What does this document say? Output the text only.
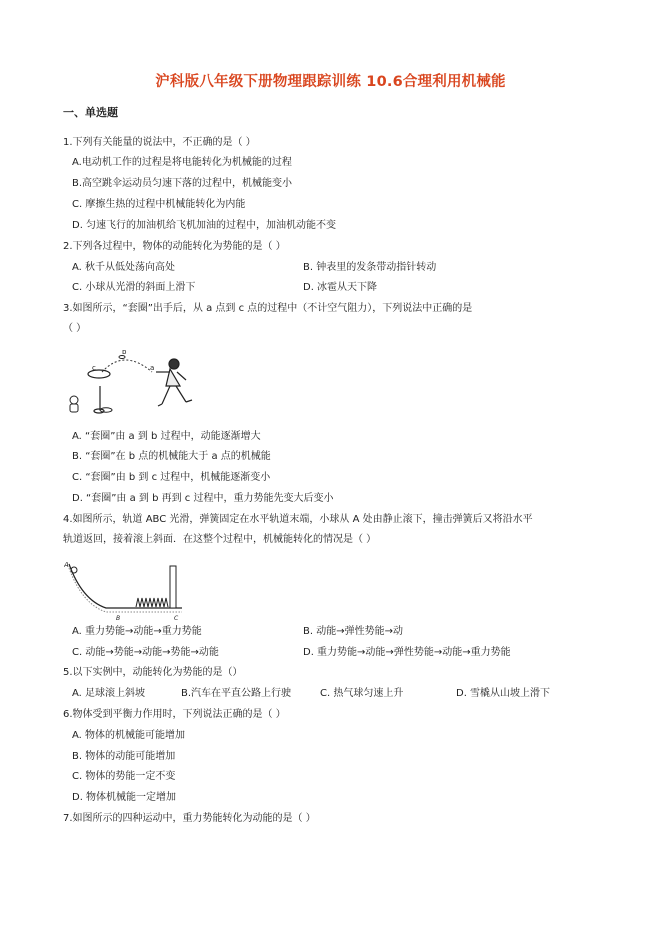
沪科版八年级下册物理跟踪训练 10.6合理利用机械能
一、单选题
1.下列有关能量的说法中，不正确的是（ ）
A.电动机工作的过程是将电能转化为机械能的过程
B.高空跳伞运动员匀速下落的过程中，机械能变小
C. 摩擦生热的过程中机械能转化为内能
D. 匀速飞行的加油机给飞机加油的过程中，加油机动能不变
2.下列各过程中，物体的动能转化为势能的是（ ）
A. 秋千从低处荡向高处	B. 钟表里的发条带动指针转动
C. 小球从光滑的斜面上滑下	D. 冰雹从天下降
3.如图所示，“套圈”出手后，从 a 点到 c 点的过程中（不计空气阻力），下列说法中正确的是
（ ）
a
b
c
A. “套圈”由 a 到 b 过程中，动能逐渐增大
B. “套圈”在 b 点的机械能大于 a 点的机械能
C. “套圈”由 b 到 c 过程中，机械能逐渐变小
D. “套圈”由 a 到 b 再到 c 过程中，重力势能先变大后变小
4.如图所示，轨道 ABC 光滑，弹簧固定在水平轨道末端，小球从 A 处由静止滚下，撞击弹簧后又将沿水平
轨道返回，接着滚上斜面．在这整个过程中，机械能转化的情况是（ ）
A
B	C
A. 重力势能→动能→重力势能	B. 动能→弹性势能→动
C. 动能→势能→动能→势能→动能	D. 重力势能→动能→弹性势能→动能→重力势能
5.以下实例中，动能转化为势能的是（）
A. 足球滚上斜坡	B.汽车在平直公路上行驶	C. 热气球匀速上升	D. 雪橇从山坡上滑下
6.物体受到平衡力作用时，下列说法正确的是（ ）
A. 物体的机械能可能增加
B. 物体的动能可能增加
C. 物体的势能一定不变
D. 物体机械能一定增加
7.如图所示的四种运动中，重力势能转化为动能的是（ ）
